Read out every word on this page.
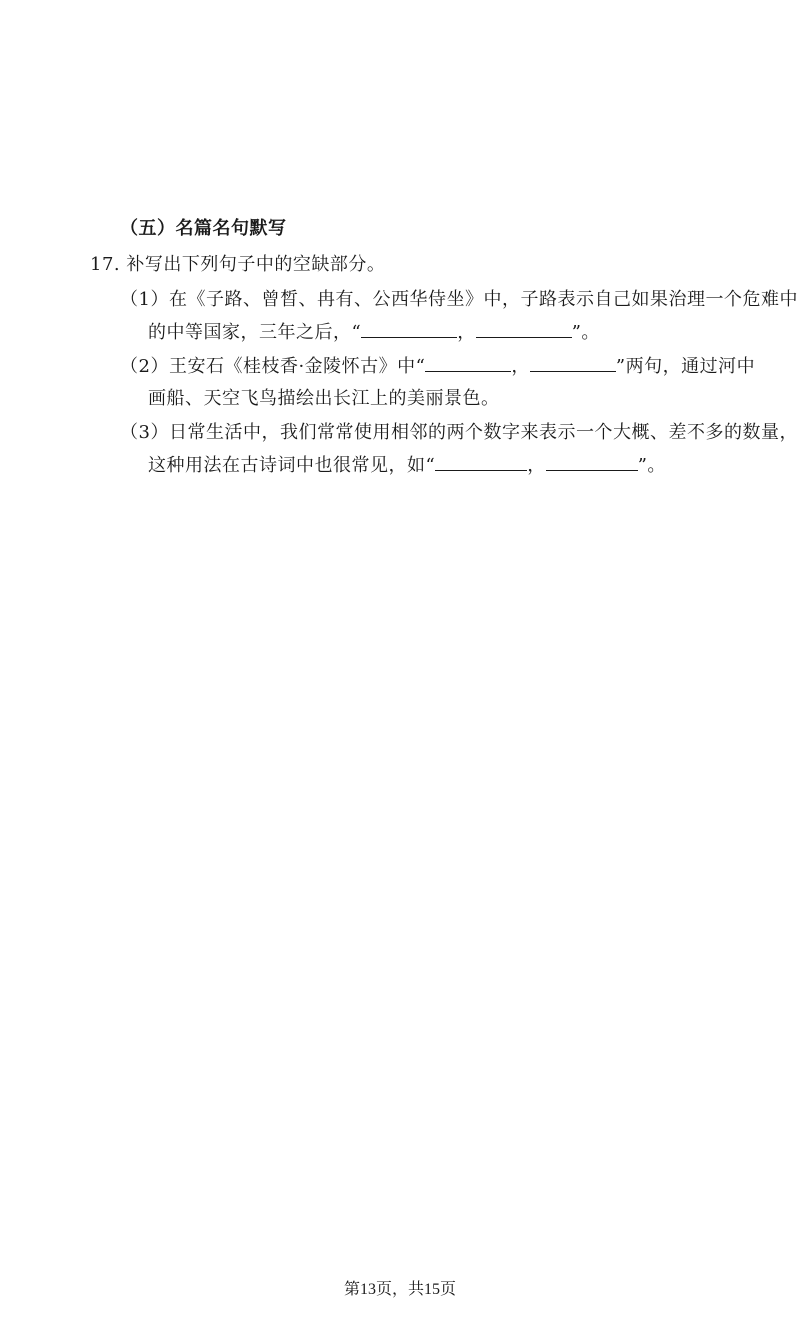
（五）名篇名句默写
17. 补写出下列句子中的空缺部分。
（1）在《子路、曾晳、冉有、公西华侍坐》中，子路表示自己如果治理一个危难中
的中等国家，三年之后，“	，	”。
（2）王安石《桂枝香·金陵怀古》中“	，	”两句，通过河中
画船、天空飞鸟描绘出长江上的美丽景色。
（3）日常生活中，我们常常使用相邻的两个数字来表示一个大概、差不多的数量，
这种用法在古诗词中也很常见，如“	，	”。
第13页，共15页
